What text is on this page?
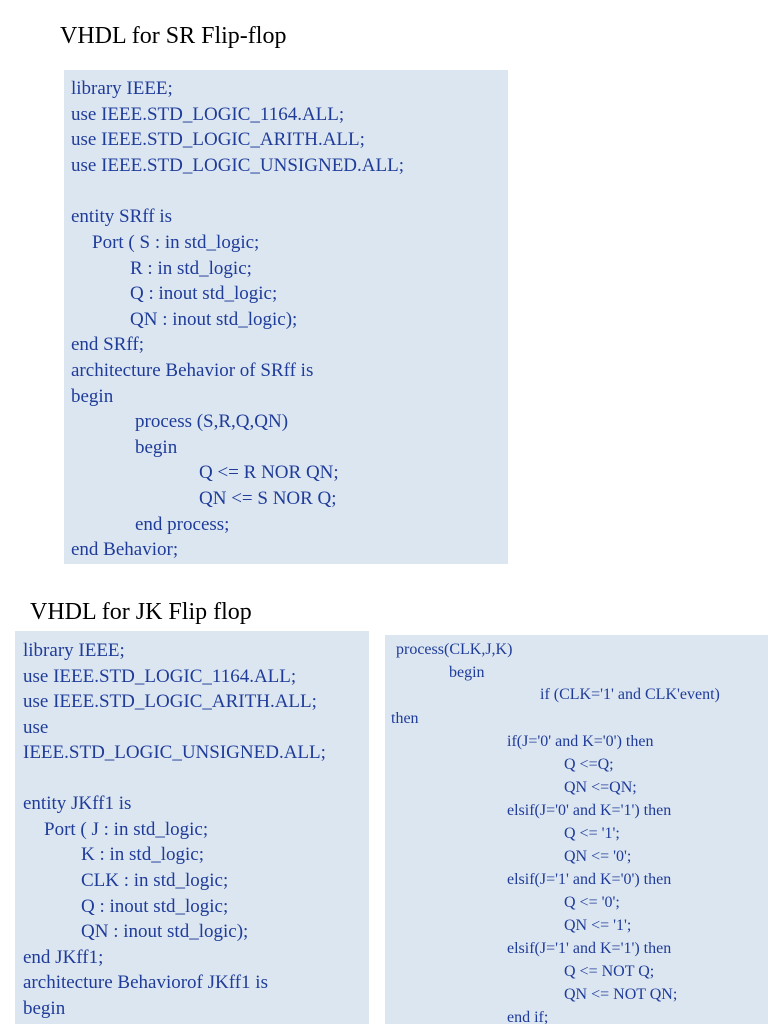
VHDL for SR Flip-flop
library IEEE;
use IEEE.STD_LOGIC_1164.ALL;
use IEEE.STD_LOGIC_ARITH.ALL;
use IEEE.STD_LOGIC_UNSIGNED.ALL;
entity SRff is
Port ( S : in std_logic;
R : in std_logic;
Q : inout std_logic;
QN : inout std_logic);
end SRff;
architecture Behavior of SRff is
begin
process (S,R,Q,QN)
begin
Q <= R NOR QN;
QN <= S NOR Q;
end process;
end Behavior;
VHDL for JK Flip flop
library IEEE;
use IEEE.STD_LOGIC_1164.ALL;
use IEEE.STD_LOGIC_ARITH.ALL;
use
IEEE.STD_LOGIC_UNSIGNED.ALL;
entity JKff1 is
Port ( J : in std_logic;
K : in std_logic;
CLK : in std_logic;
Q : inout std_logic;
QN : inout std_logic);
end JKff1;
architecture Behaviorof JKff1 is
begin
process(CLK,J,K)
begin
if (CLK='1' and CLK'event)
then
if(J='0' and K='0') then
Q <=Q;
QN <=QN;
elsif(J='0' and K='1') then
Q <= '1';
QN <= '0';
elsif(J='1' and K='0') then
Q <= '0';
QN <= '1';
elsif(J='1' and K='1') then
Q <= NOT Q;
QN <= NOT QN;
end if;
